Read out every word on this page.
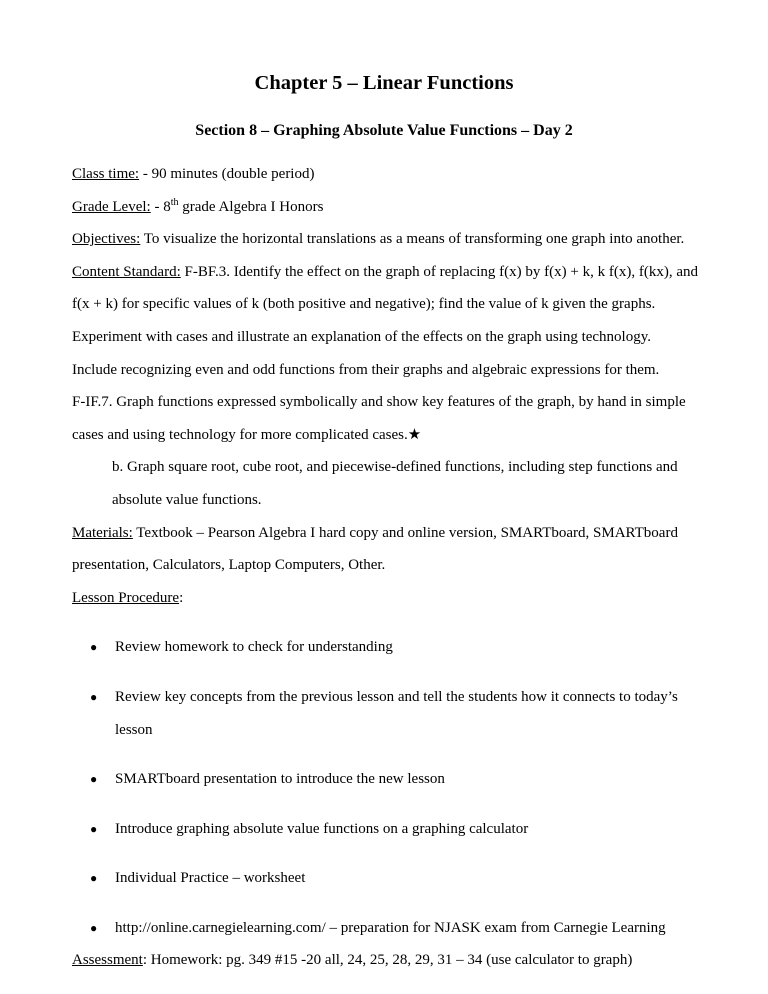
Chapter 5 – Linear Functions
Section 8 – Graphing Absolute Value Functions – Day 2

Class time: - 90 minutes (double period)

Grade Level: - 8th grade Algebra I Honors

Objectives: To visualize the horizontal translations as a means of transforming one graph into another.

Content Standard: F-BF.3. Identify the effect on the graph of replacing f(x) by f(x) + k, k f(x), f(kx), and

f(x + k) for specific values of k (both positive and negative); find the value of k given the graphs.

Experiment with cases and illustrate an explanation of the effects on the graph using technology.

Include recognizing even and odd functions from their graphs and algebraic expressions for them.

F-IF.7. Graph functions expressed symbolically and show key features of the graph, by hand in simple

cases and using technology for more complicated cases.★

b. Graph square root, cube root, and piecewise-defined functions, including step functions and

absolute value functions.

Materials: Textbook – Pearson Algebra I hard copy and online version, SMARTboard, SMARTboard

presentation, Calculators, Laptop Computers, Other.

Lesson Procedure:

● Review homework to check for understanding
● Review key concepts from the previous lesson and tell the students how it connects to today’s lesson
● SMARTboard presentation to introduce the new lesson
● Introduce graphing absolute value functions on a graphing calculator
● Individual Practice – worksheet
● http://online.carnegielearning.com/ – preparation for NJASK exam from Carnegie Learning

Assessment: Homework: pg. 349 #15 -20 all, 24, 25, 28, 29, 31 – 34 (use calculator to graph)
